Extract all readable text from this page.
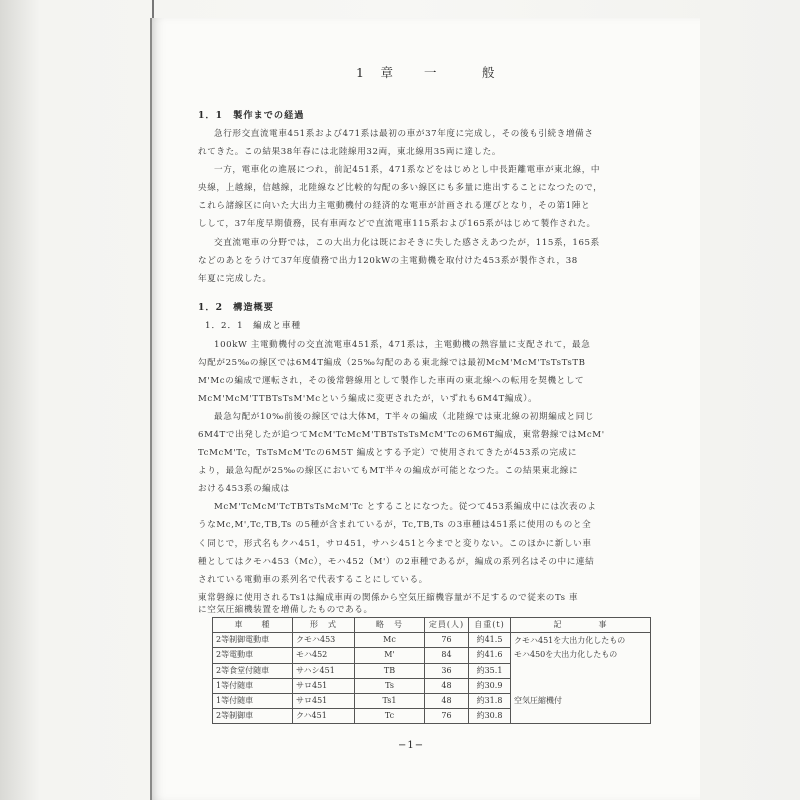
1　章　　一　　　般
1．1　製作までの経過
急行形交直流電車451系および471系は最初の車が37年度に完成し，その後も引続き増備さ
れてきた。この結果38年春には北陸線用32両，東北線用35両に達した。
一方，電車化の進展につれ，前記451系，471系などをはじめとし中長距離電車が東北線，中
央線，上越線，信越線，北陸線など比較的勾配の多い線区にも多量に進出することになつたので，
これら諸線区に向いた大出力主電動機付の経済的な電車が計画される運びとなり，その第1陣と
しして，37年度早期債務，民有車両などで直流電車115系および165系がはじめて製作された。
交直流電車の分野では，この大出力化は既におそきに失した感さえあつたが，115系，165系
などのあとをうけて37年度債務で出力120kWの主電動機を取付けた453系が製作され，38
年夏に完成した。
1．2　構造概要
1．2．1　編成と車種
100kW 主電動機付の交直流電車451系，471系は，主電動機の熱容量に支配されて，最急
勾配が25‰の線区では6M4T編成（25‰勾配のある東北線では最初McM'McM'TsTsTsTB
M'Mcの編成で運転され，その後常磐線用として製作した車両の東北線への転用を契機として
McM'McM'TTBTsTsM'Mcという編成に変更されたが，いずれも6M4T編成）。
最急勾配が10‰前後の線区では大体M，T半々の編成（北陸線では東北線の初期編成と同じ
6M4Tで出発したが追つてMcM'TcMcM'TBTsTsTsMcM'Tcの6M6T編成，東常磐線ではMcM'
TcMcM'Tc，TsTsMcM'Tcの6M5T 編成とする予定）で使用されてきたが453系の完成に
より，最急勾配が25‰の線区においてもMT半々の編成が可能となつた。この結果東北線に
おける453系の編成は
McM'TcMcM'TcTBTsTsMcM'Tc とすることになつた。従つて453系編成中には次表のよ
うなMc,M',Tc,TB,Ts の5種が含まれているが，Tc,TB,Ts の3車種は451系に使用のものと全
く同じで，形式名もクハ451，サロ451，サハシ451と今までと変りない。このほかに新しい車
種としてはクモハ453（Mc），モハ452（M'）の2車種であるが，編成の系列名はその中に連結
されている電動車の系列名で代表することにしている。
東常磐線に使用されるTs1は編成車両の関係から空気圧縮機容量が不足するので従来のTs 車
に空気圧縮機装置を増備したものである。
車　　種	形　式	略　号	定員(人)	自重(t)	記　　　　事
2等制御電動車	クモハ453	Mc	76	約41.5	クモハ451を大出力化したもの
2等電動車	モハ452	M'	84	約41.6	モハ450を大出力化したもの
2等食堂付随車	サハシ451	TB	36	約35.1	
1等付随車	サロ451	Ts	48	約30.9	
1等付随車	サロ451	Ts1	48	約31.8	空気圧縮機付
2等制御車	クハ451	Tc	76	約30.8	
−1−
